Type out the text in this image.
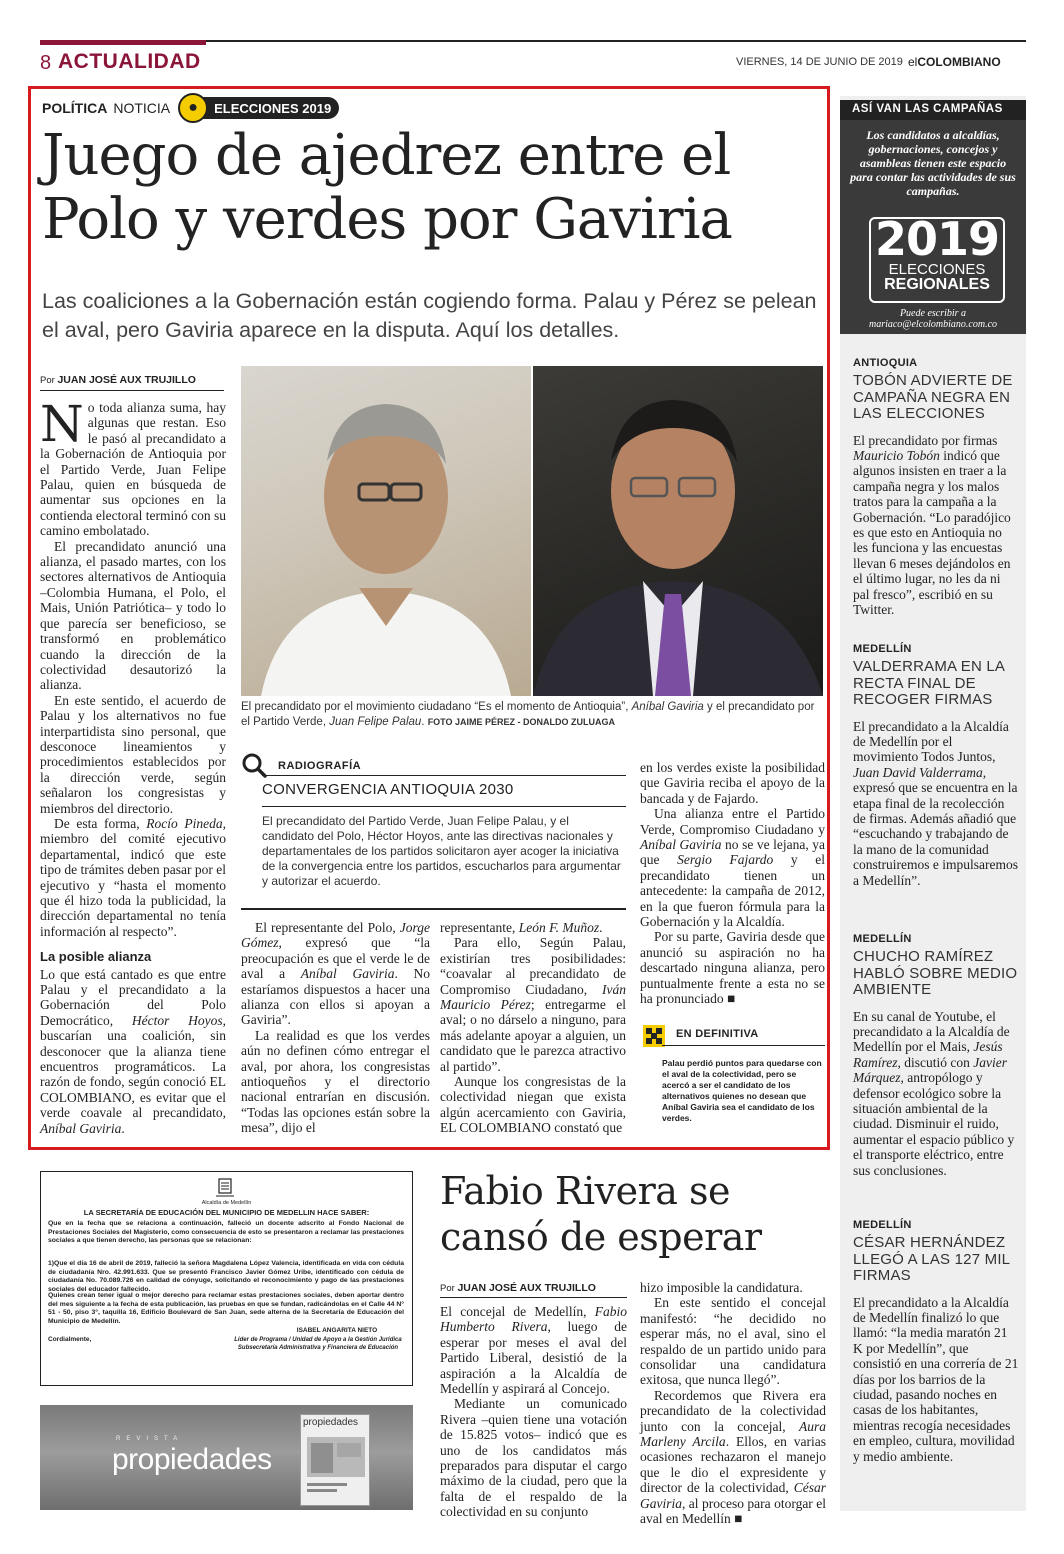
8 ACTUALIDAD	VIERNES, 14 DE JUNIO DE 2019 elCOLOMBIANO
POLÍTICA NOTICIA	●	ELECCIONES 2019
Juego de ajedrez entre el
Polo y verdes por Gaviria
Las coaliciones a la Gobernación están cogiendo forma. Palau y Pérez se pelean el aval, pero Gaviria aparece en la disputa. Aquí los detalles.
Por JUAN JOSÉ AUX TRUJILLO

No toda alianza suma, hay algunas que restan. Eso le pasó al precandidato a la Gobernación de Antioquia por el Partido Verde, Juan Felipe Palau, quien en búsqueda de aumentar sus opciones en la contienda electoral terminó con su camino embolatado.

El precandidato anunció una alianza, el pasado martes, con los sectores alternativos de Antioquia –Colombia Humana, el Polo, el Mais, Unión Patriótica– y todo lo que parecía ser beneficioso, se transformó en problemático cuando la dirección de la colectividad desautorizó la alianza.

En este sentido, el acuerdo de Palau y los alternativos no fue interpartidista sino personal, que desconoce lineamientos y procedimientos establecidos por la dirección verde, según señalaron los congresistas y miembros del directorio.

De esta forma, Rocío Pineda, miembro del comité ejecutivo departamental, indicó que este tipo de trámites deben pasar por el ejecutivo y “hasta el momento que él hizo toda la publicidad, la dirección departamental no tenía información al respecto”.

La posible alianza

Lo que está cantado es que entre Palau y el precandidato a la Gobernación del Polo Democrático, Héctor Hoyos, buscarían una coalición, sin desconocer que la alianza tiene encuentros programáticos. La razón de fondo, según conoció EL COLOMBIANO, es evitar que el verde coavale al precandidato, Aníbal Gaviria.

El precandidato por el movimiento ciudadano “Es el momento de Antioquia”, Aníbal Gaviria y el precandidato por el Partido Verde, Juan Felipe Palau. FOTO JAIME PÉREZ - DONALDO ZULUAGA
RADIOGRAFÍA
CONVERGENCIA ANTIOQUIA 2030
El precandidato del Partido Verde, Juan Felipe Palau, y el candidato del Polo, Héctor Hoyos, ante las directivas nacionales y departamentales de los partidos solicitaron ayer acoger la iniciativa de la convergencia entre los partidos, escucharlos para argumentar y autorizar el acuerdo.

El representante del Polo, Jorge Gómez, expresó que “la preocupación es que el verde le de aval a Aníbal Gaviria. No estaríamos dispuestos a hacer una alianza con ellos si apoyan a Gaviria”.

La realidad es que los verdes aún no definen cómo entregar el aval, por ahora, los congresistas antioqueños y el directorio nacional entrarían en discusión. “Todas las opciones están sobre la mesa”, dijo el

representante, León F. Muñoz.

Para ello, Según Palau, existirían tres posibilidades: “coavalar al precandidato de Compromiso Ciudadano, Iván Mauricio Pérez; entregarme el aval; o no dárselo a ninguno, para más adelante apoyar a alguien, un candidato que le parezca atractivo al partido”.

Aunque los congresistas de la colectividad niegan que exista algún acercamiento con Gaviria, EL COLOMBIANO constató que

en los verdes existe la posibilidad que Gaviria reciba el apoyo de la bancada y de Fajardo.

Una alianza entre el Partido Verde, Compromiso Ciudadano y Aníbal Gaviria no se ve lejana, ya que Sergio Fajardo y el precandidato tienen un antecedente: la campaña de 2012, en la que fueron fórmula para la Gobernación y la Alcaldía.

Por su parte, Gaviria desde que anunció su aspiración no ha descartado ninguna alianza, pero puntualmente frente a esta no se ha pronunciado ■

EN DEFINITIVA
Palau perdió puntos para quedarse con el aval de la colectividad, pero se acercó a ser el candidato de los alternativos quienes no desean que Aníbal Gaviria sea el candidato de los verdes.
ASÍ VAN LAS CAMPAÑAS
Los candidatos a alcaldías, gobernaciones, concejos y asambleas tienen este espacio para contar las actividades de sus campañas.
2019
ELECCIONES
REGIONALES
Puede escribir a
mariaco@elcolombiano.com.co
ANTIOQUIA
TOBÓN ADVIERTE DE CAMPAÑA NEGRA EN LAS ELECCIONES
El precandidato por firmas Mauricio Tobón indicó que algunos insisten en traer a la campaña negra y los malos tratos para la campaña a la Gobernación. “Lo paradójico es que esto en Antioquia no les funciona y las encuestas llevan 6 meses dejándolos en el último lugar, no les da ni pal fresco”, escribió en su Twitter.
MEDELLÍN
VALDERRAMA EN LA RECTA FINAL DE RECOGER FIRMAS
El precandidato a la Alcaldía de Medellín por el movimiento Todos Juntos, Juan David Valderrama, expresó que se encuentra en la etapa final de la recolección de firmas. Además añadió que “escuchando y trabajando de la mano de la comunidad construiremos e impulsaremos a Medellín”.
MEDELLÍN
CHUCHO RAMÍREZ HABLÓ SOBRE MEDIO AMBIENTE
En su canal de Youtube, el precandidato a la Alcaldía de Medellín por el Mais, Jesús Ramírez, discutió con Javier Márquez, antropólogo y defensor ecológico sobre la situación ambiental de la ciudad. Disminuir el ruido, aumentar el espacio público y el transporte eléctrico, entre sus conclusiones.
MEDELLÍN
CÉSAR HERNÁNDEZ LLEGÓ A LAS 127 MIL FIRMAS
El precandidato a la Alcaldía de Medellín finalizó lo que llamó: “la media maratón 21 K por Medellín”, que consistió en una correría de 21 días por los barrios de la ciudad, pasando noches en casas de los habitantes, mientras recogía necesidades en empleo, cultura, movilidad y medio ambiente.
Alcaldía de Medellín
LA SECRETARÍA DE EDUCACIÓN DEL MUNICIPIO DE MEDELLIN HACE SABER:
Que en la fecha que se relaciona a continuación, falleció un docente adscrito al Fondo Nacional de Prestaciones Sociales del Magisterio, como consecuencia de esto se presentaron a reclamar las prestaciones sociales a que tienen derecho, las personas que se relacionan:
1)Que el día 16 de abril de 2019, falleció la señora Magdalena López Valencia, identificada en vida con cédula de ciudadanía Nro. 42.991.633. Que se presentó Francisco Javier Gómez Uribe, identificado con cédula de ciudadanía No. 70.089.726 en calidad de cónyuge, solicitando el reconocimiento y pago de las prestaciones sociales del educador fallecido.
Quienes crean tener igual o mejor derecho para reclamar estas prestaciones sociales, deben aportar dentro del mes siguiente a la fecha de esta publicación, las pruebas en que se fundan, radicándolas en el Calle 44 N° 51 - 50, piso 3°, taquilla 16, Edificio Boulevard de San Juan, sede alterna de la Secretaría de Educación del Municipio de Medellín.
ISABEL ANGARITA NIETO
Cordialmente,	Líder de Programa / Unidad de Apoyo a la Gestión Jurídica Subsecretaría Administrativa y Financiera de Educación
REVISTA
propiedades
propiedades
Fabio Rivera se
cansó de esperar
Por JUAN JOSÉ AUX TRUJILLO

El concejal de Medellín, Fabio Humberto Rivera, luego de esperar por meses el aval del Partido Liberal, desistió de la aspiración a la Alcaldía de Medellín y aspirará al Concejo.

Mediante un comunicado Rivera –quien tiene una votación de 15.825 votos– indicó que es uno de los candidatos más preparados para disputar el cargo máximo de la ciudad, pero que la falta de el respaldo de la colectividad en su conjunto

hizo imposible la candidatura.

En este sentido el concejal manifestó: “he decidido no esperar más, no el aval, sino el respaldo de un partido unido para consolidar una candidatura exitosa, que nunca llegó”.

Recordemos que Rivera era precandidato de la colectividad junto con la concejal, Aura Marleny Arcila. Ellos, en varias ocasiones rechazaron el manejo que le dio el expresidente y director de la colectividad, César Gaviria, al proceso para otorgar el aval en Medellín ■
